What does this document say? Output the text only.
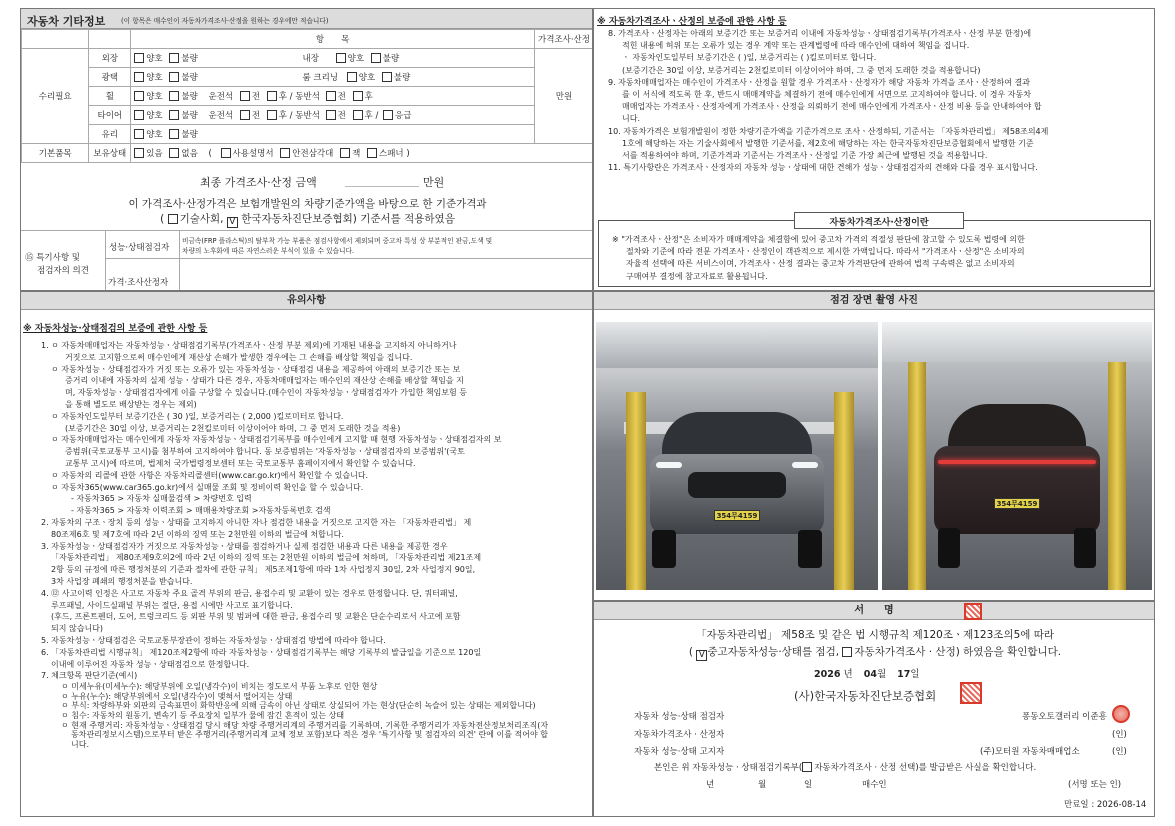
자동차 기타정보 (이 항목은 매수인이 자동차가격조사·산정을 원하는 경우에만 적습니다)
		항　　목	가격조사·산정
수리필요	외장	양호 불량 내장 양호 불량	만원
	광택	양호 불량 룸 크리닝 양호 불량	
	휠	양호 불량 운전석 전 후 / 동반석 전 후	
	타이어	양호 불량 운전석 전 후 / 동반석 전 후 / 응급	
	유리	양호 불량	
기본품목	보유상태	있음 없음 ( 사용설명서 안전삼각대 잭 스패너 )	
최종 가격조사·산정 금액	만원
이 가격조사·산정가격은 보험개발원의 차량기준가액을 바탕으로 한 기준가격과
( 기술사회, V 한국자동차진단보증협회) 기준서를 적용하였음
⑮ 특기사항 및
점검자의 의견
성능·상태점검자
비금속(FRP 플라스틱)의 탈부착 가능 부품은 점검사항에서 제외되며 중고차 특성 상 부분적인 판금,도색 및
차량의 노후화에 따른 자연스러운 부식이 있을 수 있습니다.
가격·조사산정자
※ 자동차가격조사ㆍ산정의 보증에 관한 사항 등
8. 가격조사ㆍ산정자는 아래의 보증기간 또는 보증거리 이내에 자동차성능ㆍ상태점검기록부(가격조사ㆍ산정 부분 한정)에
적힌 내용에 허위 또는 오류가 있는 경우 계약 또는 관계법령에 따라 매수인에 대하여 책임을 집니다.
ㆍ 자동차인도일부터 보증기간은 ( )일, 보증거리는 ( )킬로미터로 합니다.
(보증기간은 30일 이상, 보증거리는 2천킬로미터 이상이어야 하며, 그 중 먼저 도래한 것을 적용합니다)
9. 자동차매매업자는 매수인이 가격조사ㆍ산정을 원할 경우 가격조사ㆍ산정자가 해당 자동차 가격을 조사ㆍ산정하여 결과
를 이 서식에 적도록 한 후, 반드시 매매계약을 체결하기 전에 매수인에게 서면으로 고지하여야 합니다. 이 경우 자동차
매매업자는 가격조사ㆍ산정자에게 가격조사ㆍ산정을 의뢰하기 전에 매수인에게 가격조사ㆍ산정 비용 등을 안내하여야 합
니다.
10. 자동차가격은 보험개발원이 정한 차량기준가액을 기준가격으로 조사ㆍ산정하되, 기준서는 「자동차관리법」 제58조의4제
1호에 해당하는 자는 기술사회에서 발행한 기준서를, 제2호에 해당하는 자는 한국자동차진단보증협회에서 발행한 기준
서를 적용하여야 하며, 기준가격과 기준서는 가격조사ㆍ산정일 기준 가장 최근에 발행된 것을 적용합니다.
11. 특기사항란은 가격조사ㆍ산정자의 자동차 성능ㆍ상태에 대한 견해가 성능ㆍ상태점검자의 견해와 다를 경우 표시합니다.
자동차가격조사·산정이란
※ "가격조사ㆍ산정"은 소비자가 매매계약을 체결함에 있어 중고차 가격의 적절성 판단에 참고할 수 있도록 법령에 의한
절차와 기준에 따라 전문 가격조사ㆍ산정인이 객관적으로 제시한 가액입니다. 따라서 "가격조사ㆍ산정"은 소비자의
자율적 선택에 따른 서비스이며, 가격조사ㆍ산정 결과는 중고차 가격판단에 관하여 법적 구속력은 없고 소비자의
구매여부 결정에 참고자료로 활용됩니다.
유의사항
※ 자동차성능·상태점검의 보증에 관한 사항 등
1. ㅇ 자동차매매업자는 자동차성능ㆍ상태점검기록부(가격조사ㆍ산정 부분 제외)에 기재된 내용을 고지하지 아니하거나
거짓으로 고지함으로써 매수인에게 재산상 손해가 발생한 경우에는 그 손해를 배상할 책임을 집니다.
ㅇ 자동차성능ㆍ상태점검자가 거짓 또는 오류가 있는 자동차성능ㆍ상태점검 내용을 제공하여 아래의 보증기간 또는 보
증거리 이내에 자동차의 실제 성능ㆍ상태가 다른 경우, 자동차매매업자는 매수인의 재산상 손해를 배상할 책임을 지
며, 자동차성능ㆍ상태점검자에게 이를 구상할 수 있습니다.(매수인이 자동차성능ㆍ상태점검자가 가입한 책임보험 등
을 통해 별도로 배상받는 경우는 제외)
ㅇ 자동차인도일부터 보증기간은 ( 30 )일, 보증거리는 ( 2,000 )킬로미터로 합니다.
(보증기간은 30일 이상, 보증거리는 2천킬로미터 이상이어야 하며, 그 중 먼저 도래한 것을 적용)
ㅇ 자동차매매업자는 매수인에게 자동차 자동차성능ㆍ상태점검기록부를 매수인에게 고지할 때 현행 자동차성능ㆍ상태점검자의 보
증범위(국토교통부 고시)를 첨부하여 고지하여야 합니다. 동 보증범위는 '자동차성능ㆍ상태점검자의 보증범위'(국토
교통부 고시)에 따르며, 법제처 국가법령정보센터 또는 국토교통부 홈페이지에서 확인할 수 있습니다.
ㅇ 자동차의 리콜에 관한 사항은 자동차리콜센터(www.car.go.kr)에서 확인할 수 있습니다.
ㅇ 자동차365(www.car365.go.kr)에서 실매물 조회 및 정비이력 확인을 할 수 있습니다.
- 자동차365 > 자동차 실매물검색 > 차량번호 입력
- 자동차365 > 자동차 이력조회 > 매매용차량조회 >자동차등록번호 검색
2. 자동차의 구조ㆍ장치 등의 성능ㆍ상태를 고지하지 아니한 자나 점검한 내용을 거짓으로 고지한 자는 「자동차관리법」 제
80조제6호 및 제7호에 따라 2년 이하의 징역 또는 2천만원 이하의 벌금에 처합니다.
3. 자동차성능ㆍ상태점검자가 거짓으로 자동차성능ㆍ상태를 점검하거나 실제 점검한 내용과 다른 내용을 제공한 경우
「자동차관리법」 제80조제9호의2에 따라 2년 이하의 징역 또는 2천만원 이하의 벌금에 처하며, 「자동차관리법 제21조제
2항 등의 규정에 따른 행정처분의 기준과 절차에 관한 규칙」 제5조제1항에 따라 1차 사업정지 30일, 2차 사업정지 90일,
3차 사업장 폐쇄의 행정처분을 받습니다.
4. ⑫ 사고이력 인정은 사고로 자동차 주요 골격 부위의 판금, 용접수리 및 교환이 있는 경우로 한정합니다. 단, 쿼터패널,
루프패널, 사이드실패널 부위는 절단, 용접 시에만 사고로 표기합니다.
(후드, 프론트펜더, 도어, 트렁크리드 등 외판 부위 및 범퍼에 대한 판금, 용접수리 및 교환은 단순수리로서 사고에 포함
되지 않습니다)
5. 자동차성능ㆍ상태점검은 국토교통부장관이 정하는 자동차성능ㆍ상태점검 방법에 따라야 합니다.
6. 「자동차관리법 시행규칙」 제120조제2항에 따라 자동차성능ㆍ상태점검기록부는 해당 기록부의 발급일을 기준으로 120일
이내에 이루어진 자동차 성능ㆍ상태점검으로 한정합니다.
7. 체크항목 판단기준(예시)
ㅇ 미세누유(미세누수): 해당부위에 오일(냉각수)이 비치는 정도로서 부품 노후로 인한 현상
ㅇ 누유(누수): 해당부위에서 오일(냉각수)이 맺혀서 떨어지는 상태
ㅇ 부식: 차량하부와 외판의 금속표면이 화학반응에 의해 금속이 아닌 상태로 상실되어 가는 현상(단순히 녹슬어 있는 상태는 제외합니다)
ㅇ 침수: 자동차의 원동기, 변속기 등 주요장치 일부가 물에 잠긴 흔적이 있는 상태
ㅇ 현재 주행거리: 자동차성능ㆍ상태점검 당시 해당 차량 주행거리계의 주행거리를 기록하며, 기록한 주행거리가 자동차전산정보처리조직(자
동차관리정보시스템)으로부터 받은 주행거리(주행거리계 교체 정보 포함)보다 적은 경우 '특기사항 및 점검자의 의견' 란에 이를 적어야 합
니다.
점검 장면 촬영 사진
354무4159
354무4159
서　　명
「자동차관리법」 제58조 및 같은 법 시행규칙 제120조ㆍ제123조의5에 따라
( V 중고자동차성능·상태를 점검, 자동차가격조사 · 산정) 하였음을 확인합니다.
2026 년 04월 17일
(사)한국자동차진단보증협회
자동차 성능·상태 점검자	퐁동오토갤러리 이준흥
자동차가격조사 · 산정자	(인)
자동차 성능·상태 고지자	(주)모터원 자동차매매업소	(인)
본인은 위 자동차성능 · 상태점검기록부( 자동차가격조사 · 산정 선택)를 발급받은 사실을 확인합니다.
년	월	일	매수인	(서명 또는 인)
만료일 : 2026-08-14
